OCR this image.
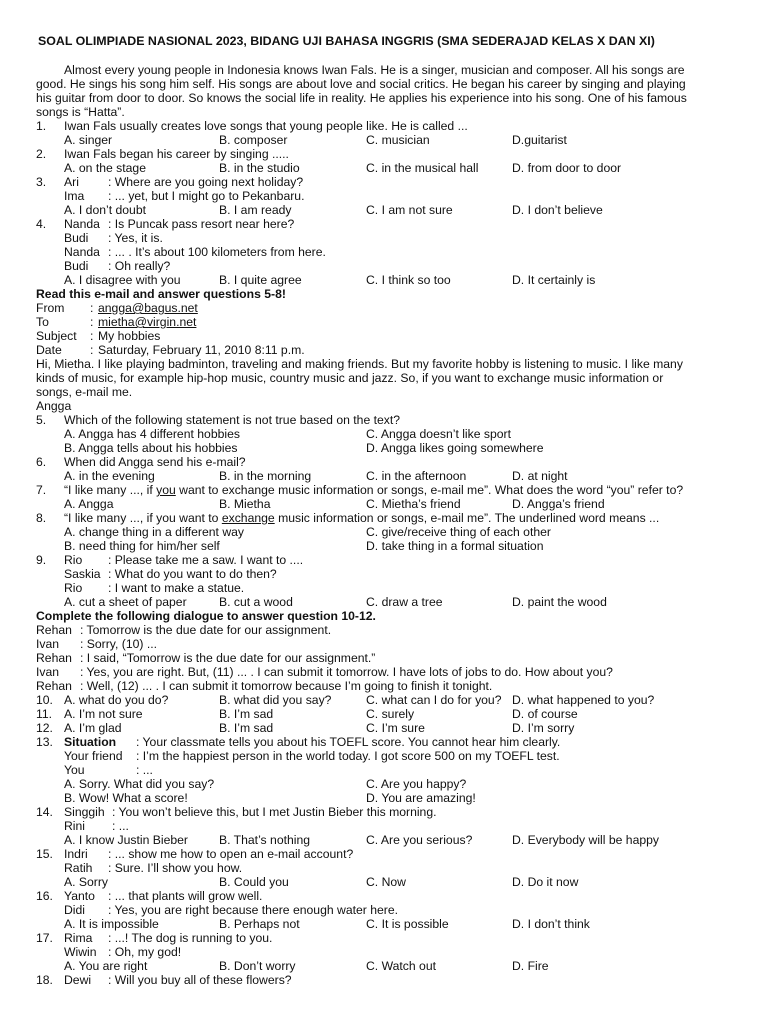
SOAL OLIMPIADE NASIONAL 2023, BIDANG UJI BAHASA INGGRIS (SMA SEDERAJAD KELAS X DAN XI)
Almost every young people in Indonesia knows Iwan Fals. He is a singer, musician and composer. All his songs are
good. He sings his song him self. His songs are about love and social critics. He began his career by singing and playing
his guitar from door to door. So knows the social life in reality. He applies his experience into his song. One of his famous
songs is “Hatta”.
1. Iwan Fals usually creates love songs that young people like. He is called ...
A. singer	B. composer	C. musician	D.guitarist
2. Iwan Fals began his career by singing .....
A. on the stage	B. in the studio	C. in the musical hall	D. from door to door
3. Ari : Where are you going next holiday?
Ima : ... yet, but I might go to Pekanbaru.
A. I don’t doubt	B. I am ready	C. I am not sure	D. I don’t believe
4. Nanda : Is Puncak pass resort near here?
Budi : Yes, it is.
Nanda : ... . It’s about 100 kilometers from here.
Budi : Oh really?
A. I disagree with you	B. I quite agree	C. I think so too	D. It certainly is
Read this e-mail and answer questions 5-8!
From : angga@bagus.net
To	: mietha@virgin.net
Subject : My hobbies
Date : Saturday, February 11, 2010 8:11 p.m.
Hi, Mietha. I like playing badminton, traveling and making friends. But my favorite hobby is listening to music. I like many
kinds of music, for example hip-hop music, country music and jazz. So, if you want to exchange music information or
songs, e-mail me.
Angga
5. Which of the following statement is not true based on the text?
A. Angga has 4 different hobbies	C. Angga doesn’t like sport
B. Angga tells about his hobbies	D. Angga likes going somewhere
6. When did Angga send his e-mail?
A. in the evening	B. in the morning	C. in the afternoon	D. at night
7. “I like many ..., if you want to exchange music information or songs, e-mail me”. What does the word “you” refer to?
A. Angga	B. Mietha	C. Mietha’s friend	D. Angga’s friend
8. “I like many ..., if you want to exchange music information or songs, e-mail me”. The underlined word means ...
A. change thing in a different way	C. give/receive thing of each other
B. need thing for him/her self	D. take thing in a formal situation
9. Rio : Please take me a saw. I want to ....
Saskia : What do you want to do then?
Rio : I want to make a statue.
A. cut a sheet of paper	B. cut a wood	C. draw a tree	D. paint the wood
Complete the following dialogue to answer question 10-12.
Rehan : Tomorrow is the due date for our assignment.
Ivan : Sorry, (10) ...
Rehan : I said, “Tomorrow is the due date for our assignment.”
Ivan : Yes, you are right. But, (11) ... . I can submit it tomorrow. I have lots of jobs to do. How about you?
Rehan : Well, (12) ... . I can submit it tomorrow because I’m going to finish it tonight.
10. A. what do you do?	B. what did you say?	C. what can I do for you? D. what happened to you?
11. A. I’m not sure	B. I’m sad	C. surely	D. of course
12. A. I’m glad	B. I’m sad	C. I’m sure	D. I’m sorry
13. Situation : Your classmate tells you about his TOEFL score. You cannot hear him clearly.
Your friend : I’m the happiest person in the world today. I got score 500 on my TOEFL test.
You	: ...
A. Sorry. What did you say?	C. Are you happy?
B. Wow! What a score!	D. You are amazing!
14. Singgih : You won’t believe this, but I met Justin Bieber this morning.
Rini : ...
A. I know Justin Bieber	B. That’s nothing	C. Are you serious?	D. Everybody will be happy
15. Indri : ... show me how to open an e-mail account?
Ratih : Sure. I’ll show you how.
A. Sorry	B. Could you	C. Now	D. Do it now
16. Yanto : ... that plants will grow well.
Didi : Yes, you are right because there enough water here.
A. It is impossible	B. Perhaps not	C. It is possible	D. I don’t think
17. Rima : ...! The dog is running to you.
Wiwin : Oh, my god!
A. You are right	B. Don’t worry	C. Watch out	D. Fire
18. Dewi : Will you buy all of these flowers?
